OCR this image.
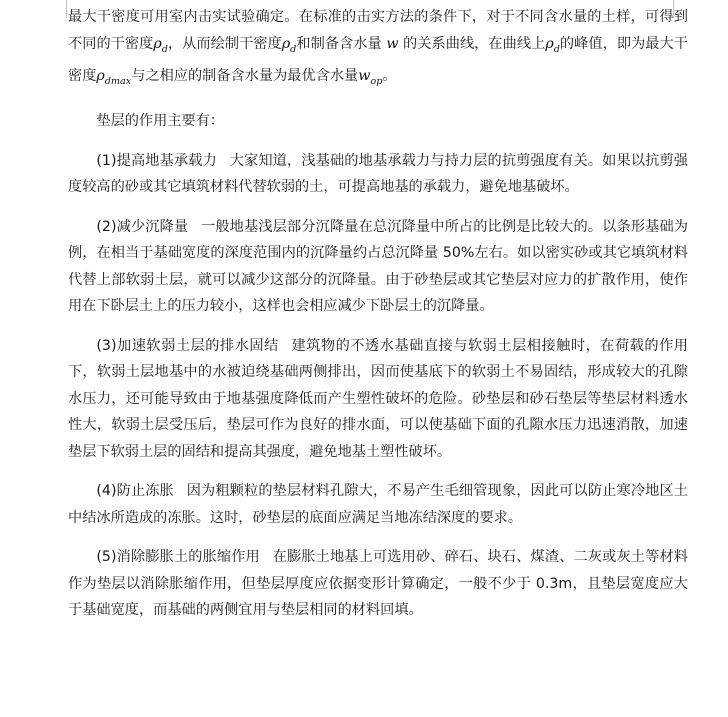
最大干密度可用室内击实试验确定。在标准的击实方法的条件下，对于不同含水量的土样，可得到不同的干密度$\rho_d$，从而绘制干密度$\rho_d$和制备含水量 w 的关系曲线，在曲线上$\rho_d$的峰值，即为最大干密度$\rho_{dmax}$与之相应的制备含水量为最优含水量$w_{op}$。

垫层的作用主要有：

(1)提高地基承载力 大家知道，浅基础的地基承载力与持力层的抗剪强度有关。如果以抗剪强度较高的砂或其它填筑材料代替软弱的土，可提高地基的承载力，避免地基破坏。

(2)减少沉降量 一般地基浅层部分沉降量在总沉降量中所占的比例是比较大的。以条形基础为例，在相当于基础宽度的深度范围内的沉降量约占总沉降量 50%左右。如以密实砂或其它填筑材料代替上部软弱土层，就可以减少这部分的沉降量。由于砂垫层或其它垫层对应力的扩散作用，使作用在下卧层土上的压力较小，这样也会相应减少下卧层土的沉降量。

(3)加速软弱土层的排水固结 建筑物的不透水基础直接与软弱土层相接触时，在荷载的作用下，软弱土层地基中的水被迫绕基础两侧排出，因而使基底下的软弱土不易固结，形成较大的孔隙水压力，还可能导致由于地基强度降低而产生塑性破坏的危险。砂垫层和砂石垫层等垫层材料透水性大，软弱土层受压后，垫层可作为良好的排水面，可以使基础下面的孔隙水压力迅速消散，加速垫层下软弱土层的固结和提高其强度，避免地基土塑性破坏。

(4)防止冻胀 因为粗颗粒的垫层材料孔隙大，不易产生毛细管现象，因此可以防止寒冷地区土中结冰所造成的冻胀。这时，砂垫层的底面应满足当地冻结深度的要求。

(5)消除膨胀土的胀缩作用 在膨胀土地基上可选用砂、碎石、块石、煤渣、二灰或灰土等材料作为垫层以消除胀缩作用，但垫层厚度应依据变形计算确定，一般不少于 0.3m，且垫层宽度应大于基础宽度，而基础的两侧宜用与垫层相同的材料回填。
